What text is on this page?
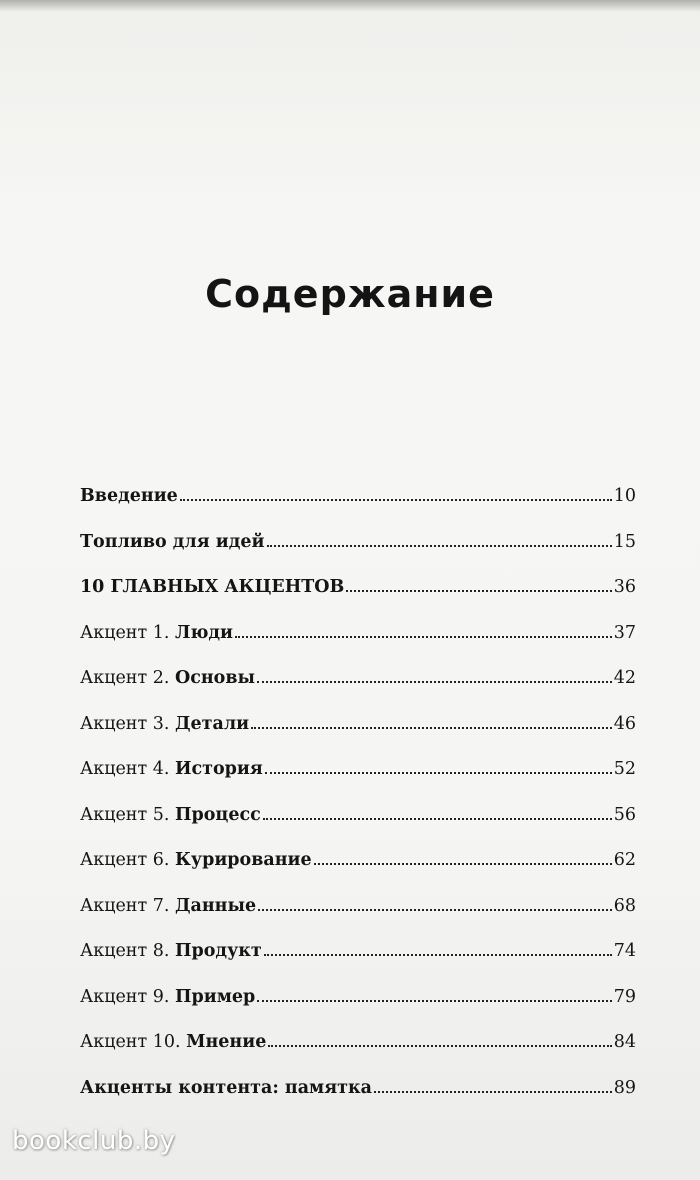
Содержание
Введение	10
Топливо для идей	15
10 ГЛАВНЫХ АКЦЕНТОВ	36
Акцент 1. Люди	37
Акцент 2. Основы	42
Акцент 3. Детали	46
Акцент 4. История	52
Акцент 5. Процесс	56
Акцент 6. Курирование	62
Акцент 7. Данные	68
Акцент 8. Продукт	74
Акцент 9. Пример	79
Акцент 10. Мнение	84
Акценты контента: памятка	89
bookclub.by
